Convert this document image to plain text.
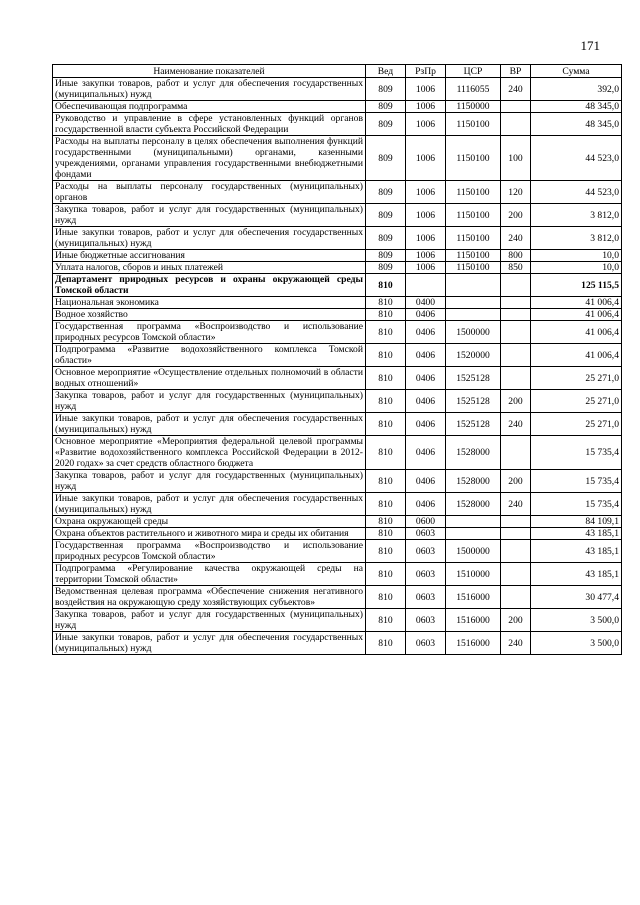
171
Наименование показателей	Вед	РзПр	ЦСР	ВР	Сумма
Иные закупки товаров, работ и услуг для обеспечения государственных (муниципальных) нужд	809	1006	1116055	240	392,0
Обеспечивающая подпрограмма	809	1006	1150000		48 345,0
Руководство и управление в сфере установленных функций органов государственной власти субъекта Российской Федерации	809	1006	1150100		48 345,0
Расходы на выплаты персоналу в целях обеспечения выполнения функций государственными (муниципальными) органами, казенными учреждениями, органами управления государственными внебюджетными фондами	809	1006	1150100	100	44 523,0
Расходы на выплаты персоналу государственных (муниципальных) органов	809	1006	1150100	120	44 523,0
Закупка товаров, работ и услуг для государственных (муниципальных) нужд	809	1006	1150100	200	3 812,0
Иные закупки товаров, работ и услуг для обеспечения государственных (муниципальных) нужд	809	1006	1150100	240	3 812,0
Иные бюджетные ассигнования	809	1006	1150100	800	10,0
Уплата налогов, сборов и иных платежей	809	1006	1150100	850	10,0
Департамент природных ресурсов и охраны окружающей среды Томской области	810				125 115,5
Национальная экономика	810	0400			41 006,4
Водное хозяйство	810	0406			41 006,4
Государственная программа «Воспроизводство и использование природных ресурсов Томской области»	810	0406	1500000		41 006,4
Подпрограмма «Развитие водохозяйственного комплекса Томской области»	810	0406	1520000		41 006,4
Основное мероприятие «Осуществление отдельных полномочий в области водных отношений»	810	0406	1525128		25 271,0
Закупка товаров, работ и услуг для государственных (муниципальных) нужд	810	0406	1525128	200	25 271,0
Иные закупки товаров, работ и услуг для обеспечения государственных (муниципальных) нужд	810	0406	1525128	240	25 271,0
Основное мероприятие «Мероприятия федеральной целевой программы «Развитие водохозяйственного комплекса Российской Федерации в 2012-2020 годах» за счет средств областного бюджета	810	0406	1528000		15 735,4
Закупка товаров, работ и услуг для государственных (муниципальных) нужд	810	0406	1528000	200	15 735,4
Иные закупки товаров, работ и услуг для обеспечения государственных (муниципальных) нужд	810	0406	1528000	240	15 735,4
Охрана окружающей среды	810	0600			84 109,1
Охрана объектов растительного и животного мира и среды их обитания	810	0603			43 185,1
Государственная программа «Воспроизводство и использование природных ресурсов Томской области»	810	0603	1500000		43 185,1
Подпрограмма «Регулирование качества окружающей среды на территории Томской области»	810	0603	1510000		43 185,1
Ведомственная целевая программа «Обеспечение снижения негативного воздействия на окружающую среду хозяйствующих субъектов»	810	0603	1516000		30 477,4
Закупка товаров, работ и услуг для государственных (муниципальных) нужд	810	0603	1516000	200	3 500,0
Иные закупки товаров, работ и услуг для обеспечения государственных (муниципальных) нужд	810	0603	1516000	240	3 500,0
